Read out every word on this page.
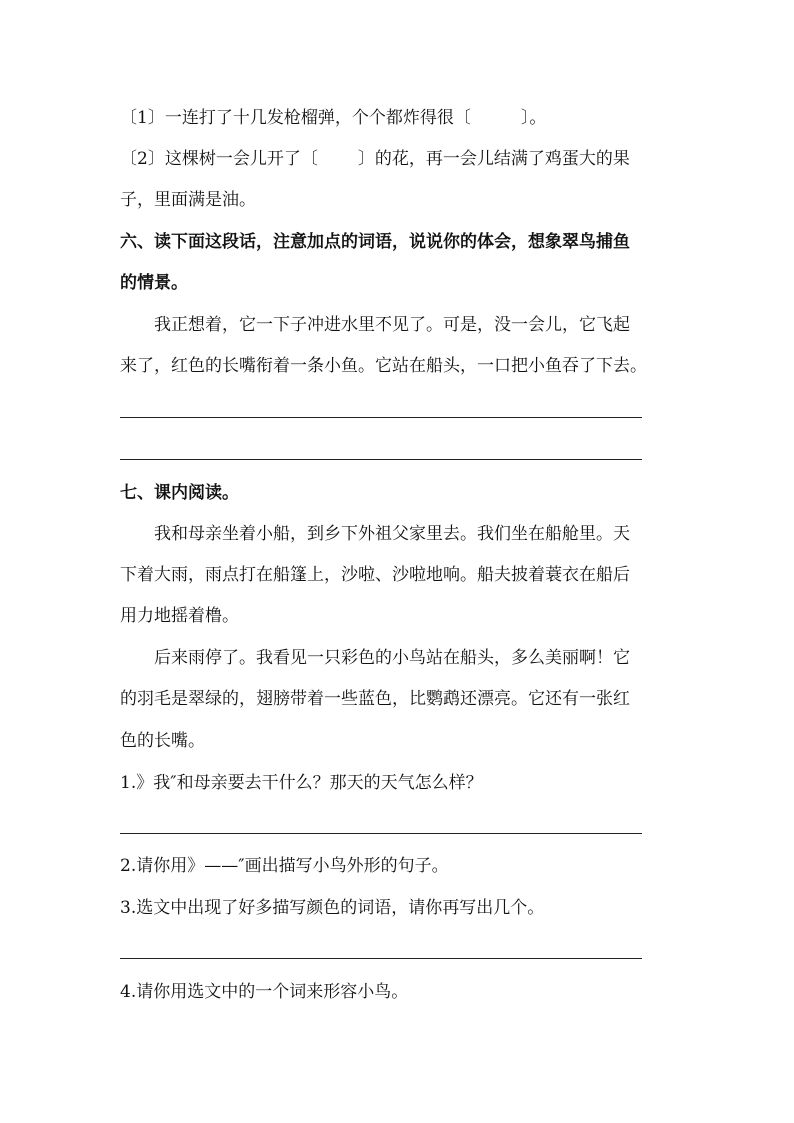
〔1〕一连打了十几发枪榴弹，个个都炸得很〔	〕。
〔2〕这棵树一会儿开了〔 〕的花，再一会儿结满了鸡蛋大的果
子，里面满是油。
六、读下面这段话，注意加点的词语，说说你的体会，想象翠鸟捕鱼
的情景。
我正想着，它一下子冲进水里不见了。可是，没一会儿，它飞起
来了，红色的长嘴衔着一条小鱼。它站在船头，一口把小鱼吞了下去。
七、课内阅读。
我和母亲坐着小船，到乡下外祖父家里去。我们坐在船舱里。天
下着大雨，雨点打在船篷上，沙啦、沙啦地响。船夫披着蓑衣在船后
用力地摇着橹。
后来雨停了。我看见一只彩色的小鸟站在船头，多么美丽啊！它
的羽毛是翠绿的，翅膀带着一些蓝色，比鹦鹉还漂亮。它还有一张红
色的长嘴。
1.》我″和母亲要去干什么？那天的天气怎么样？
2.请你用》——″画出描写小鸟外形的句子。
3.选文中出现了好多描写颜色的词语，请你再写出几个。
4.请你用选文中的一个词来形容小鸟。
